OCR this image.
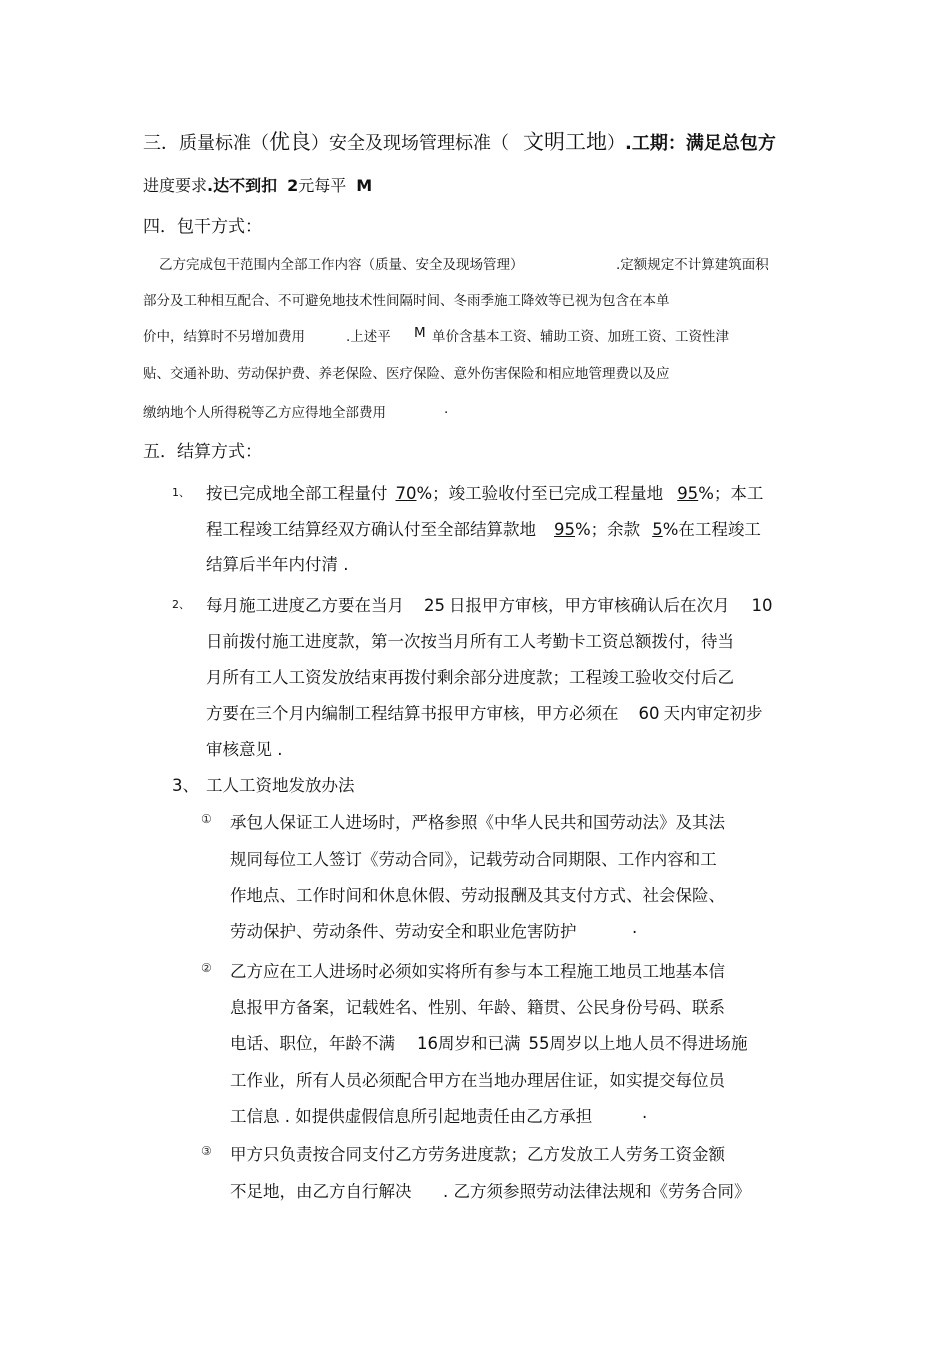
三．质量标准（优良）安全及现场管理标准（ 文明工地）.工期：满足总包方
进度要求.达不到扣 2元每平 M
四．包干方式：
乙方完成包干范围内全部工作内容（质量、安全及现场管理）	.定额规定不计算建筑面积
部分及工种相互配合、不可避免地技术性间隔时间、冬雨季施工降效等已视为包含在本单
价中，结算时不另增加费用	.上述平 M 单价含基本工资、辅助工资、加班工资、工资性津
贴、交通补助、劳动保护费、养老保险、医疗保险、意外伤害保险和相应地管理费以及应
缴纳地个人所得税等乙方应得地全部费用	.
五．结算方式：
1、 按已完成地全部工程量付 70%；竣工验收付至已完成工程量地 95%；本工
程工程竣工结算经双方确认付至全部结算款地 95%；余款 5%在工程竣工
结算后半年内付清 .
2、 每月施工进度乙方要在当月 25 日报甲方审核，甲方审核确认后在次月 10
日前拨付施工进度款，第一次按当月所有工人考勤卡工资总额拨付，待当
月所有工人工资发放结束再拨付剩余部分进度款；工程竣工验收交付后乙
方要在三个月内编制工程结算书报甲方审核，甲方必须在 60 天内审定初步
审核意见 .
3、 工人工资地发放办法
① 承包人保证工人进场时，严格参照《中华人民共和国劳动法》及其法
规同每位工人签订《劳动合同》，记载劳动合同期限、工作内容和工
作地点、工作时间和休息休假、劳动报酬及其支付方式、社会保险、
劳动保护、劳动条件、劳动安全和职业危害防护	.
② 乙方应在工人进场时必须如实将所有参与本工程施工地员工地基本信
息报甲方备案，记载姓名、性别、年龄、籍贯、公民身份号码、联系
电话、职位，年龄不满 16周岁和已满 55周岁以上地人员不得进场施
工作业，所有人员必须配合甲方在当地办理居住证，如实提交每位员
工信息 . 如提供虚假信息所引起地责任由乙方承担	.
③ 甲方只负责按合同支付乙方劳务进度款；乙方发放工人劳务工资金额
不足地，由乙方自行解决 . 乙方须参照劳动法律法规和《劳务合同》
